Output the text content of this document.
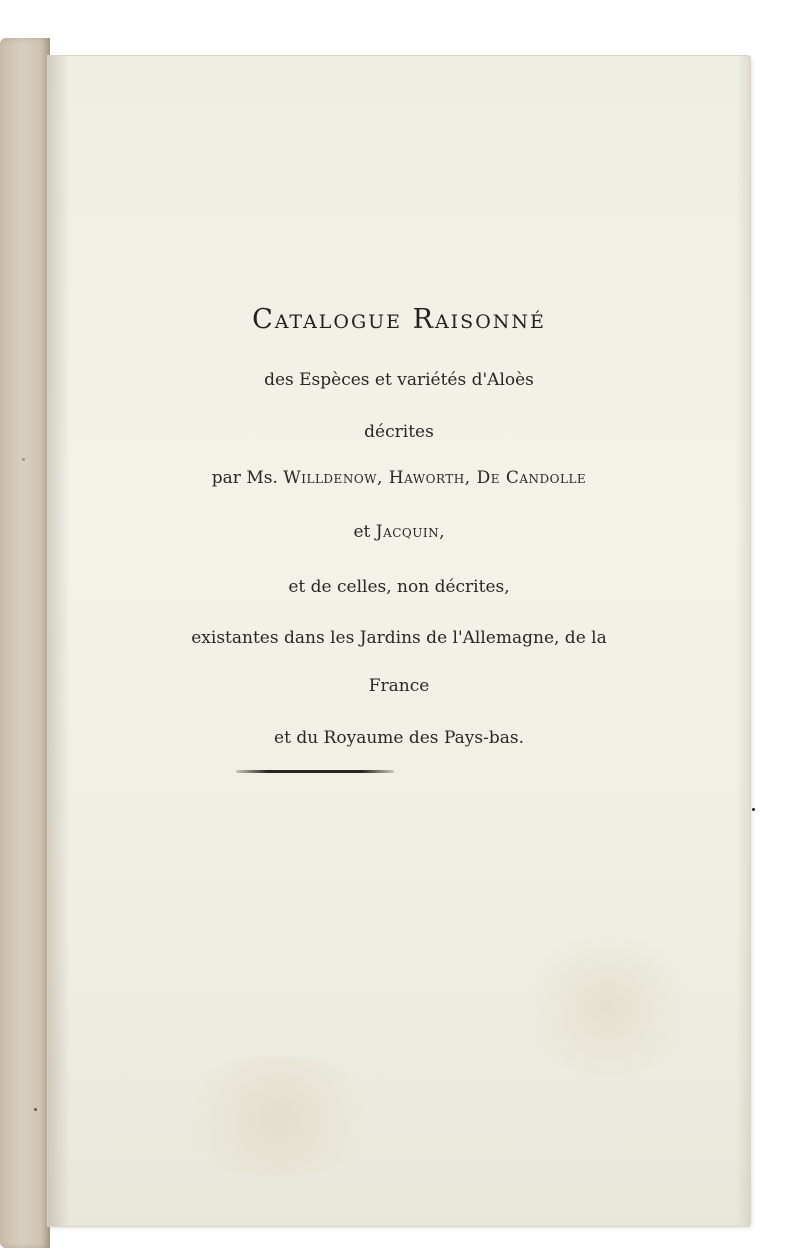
Catalogue Raisonné
des Espèces et variétés d'Aloès
décrites
par Ms. Willdenow, Haworth, De Candolle
et Jacquin,
et de celles, non décrites,
existantes dans les Jardins de l'Allemagne, de la
France
et du Royaume des Pays-bas.
